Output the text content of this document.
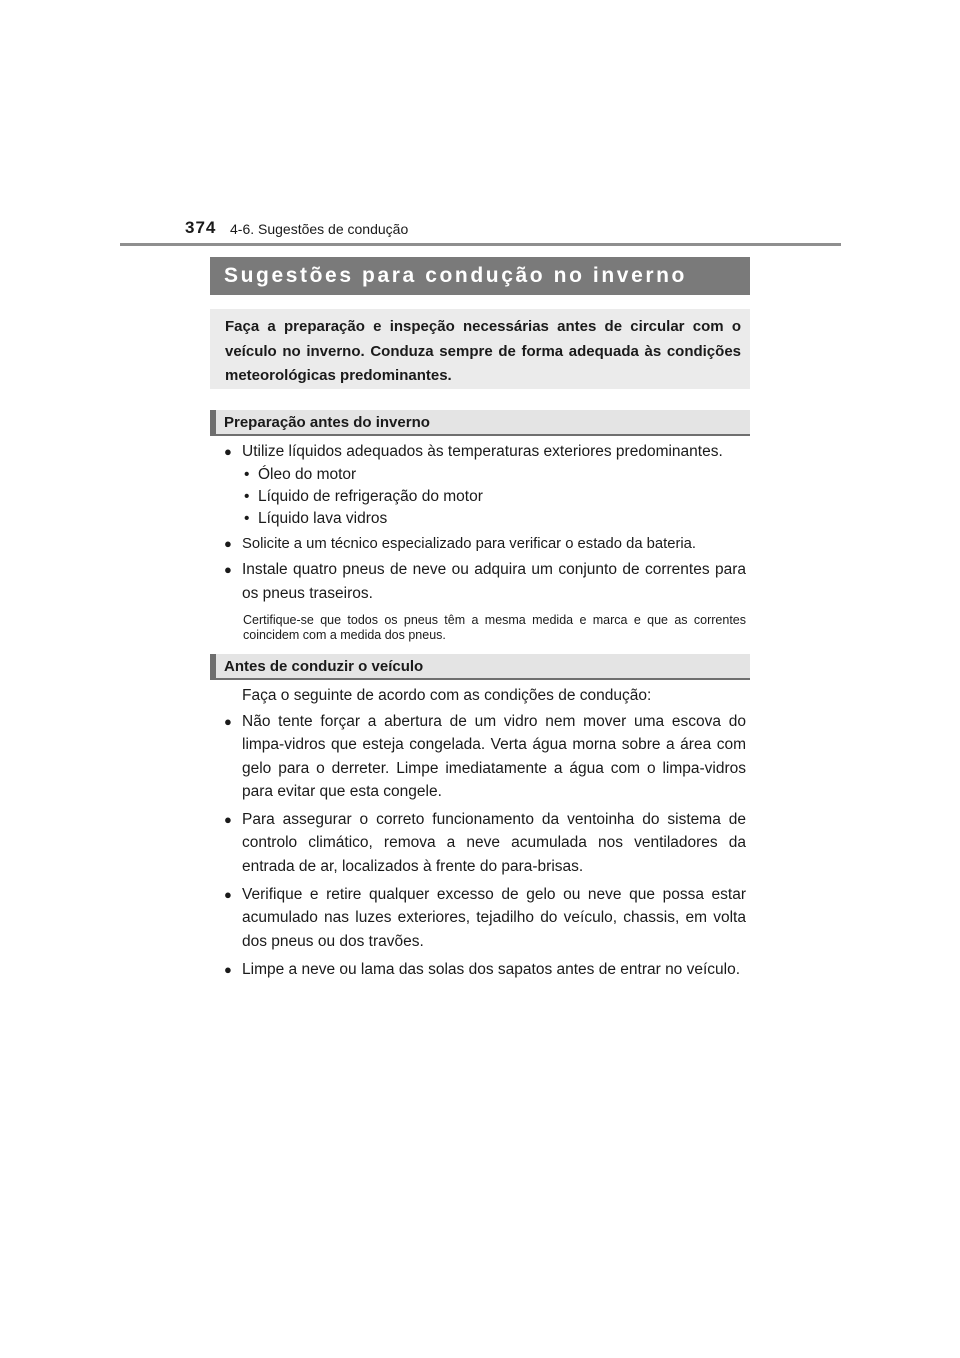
374 4-6. Sugestões de condução
Sugestões para condução no inverno
Faça a preparação e inspeção necessárias antes de circular com o veículo no inverno. Conduza sempre de forma adequada às condições meteorológicas predominantes.
Preparação antes do inverno
● Utilize líquidos adequados às temperaturas exteriores predominantes.
• Óleo do motor
• Líquido de refrigeração do motor
• Líquido lava vidros
● Solicite a um técnico especializado para verificar o estado da bateria.
● Instale quatro pneus de neve ou adquira um conjunto de correntes para os pneus traseiros.
Certifique-se que todos os pneus têm a mesma medida e marca e que as correntes coincidem com a medida dos pneus.
Antes de conduzir o veículo
Faça o seguinte de acordo com as condições de condução:
● Não tente forçar a abertura de um vidro nem mover uma escova do limpa-vidros que esteja congelada. Verta água morna sobre a área com gelo para o derreter. Limpe imediatamente a água com o limpa-vidros para evitar que esta congele.
● Para assegurar o correto funcionamento da ventoinha do sistema de controlo climático, remova a neve acumulada nos ventiladores da entrada de ar, localizados à frente do para-brisas.
● Verifique e retire qualquer excesso de gelo ou neve que possa estar acumulado nas luzes exteriores, tejadilho do veículo, chassis, em volta dos pneus ou dos travões.
● Limpe a neve ou lama das solas dos sapatos antes de entrar no veículo.
